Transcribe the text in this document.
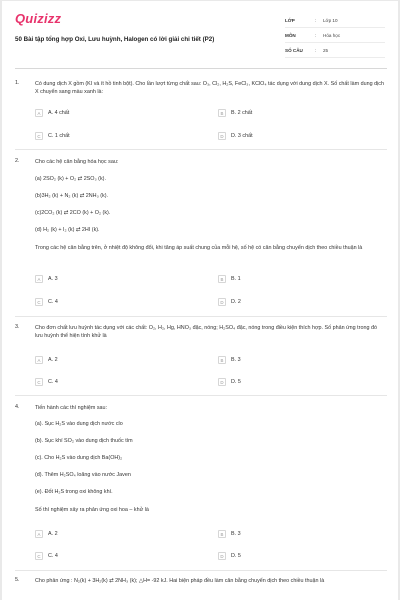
Quizizz
50 Bài tập tổng hợp Oxi, Lưu huỳnh, Halogen có lời giải chi tiết (P2)
LỚP	:	Lớp 10
MÔN	:	Hóa học
SỐ CÂU	:	25
1.	Có dung dịch X gồm (KI và ít hồ tinh bột). Cho lần lượt từng chất sau: O₃, Cl₂, H₂S, FeCl₃, KClO₄ tác dụng với dung dịch X. Số chất làm dung dịch X chuyển sang màu xanh là:
A	A. 4 chất	B	B. 2 chất
C	C. 1 chất	D	D. 3 chất
2.	Cho các hệ cân bằng hóa học sau:
(a) 2SO₂ (k) + O₂ ⇄ 2SO₃ (k).
(b)3H₂ (k) + N₂ (k) ⇄ 2NH₃ (k).
(c)2CO₂ (k) ⇄ 2CO (k) + O₂ (k).
(d) H₂ (k) + I₂ (k) ⇄ 2HI (k).
Trong các hệ cân bằng trên, ở nhiệt độ không đổi, khi tăng áp suất chung của mỗi hệ, số hệ có cân bằng chuyển dịch theo chiều thuận là
A	A. 3	B	B. 1
C	C. 4	D	D. 2
3.	Cho đơn chất lưu huỳnh tác dụng với các chất: O₂, H₂, Hg, HNO₃ đặc, nóng; H₂SO₄ đặc, nóng trong điều kiện thích hợp. Số phản ứng trong đó lưu huỳnh thể hiện tính khử là
A	A. 2	B	B. 3
C	C. 4	D	D. 5
4.	Tiến hành các thí nghiệm sau:
(a). Sục H₂S vào dung dịch nước clo
(b). Sục khí SO₂ vào dung dịch thuốc tím
(c). Cho H₂S vào dung dịch Ba(OH)₂
(d). Thêm H₂SO₄ loãng vào nước Javen
(e). Đốt H₂S trong oxi không khí.
Số thí nghiệm xảy ra phản ứng oxi hoa – khử là
A	A. 2	B	B. 3
C	C. 4	D	D. 5
5.	Cho phản ứng : N₂(k) + 3H₂(k) ⇄ 2NH₃ (k); △H= -92 kJ. Hai biện pháp đều làm cân bằng chuyển dịch theo chiều thuận là
